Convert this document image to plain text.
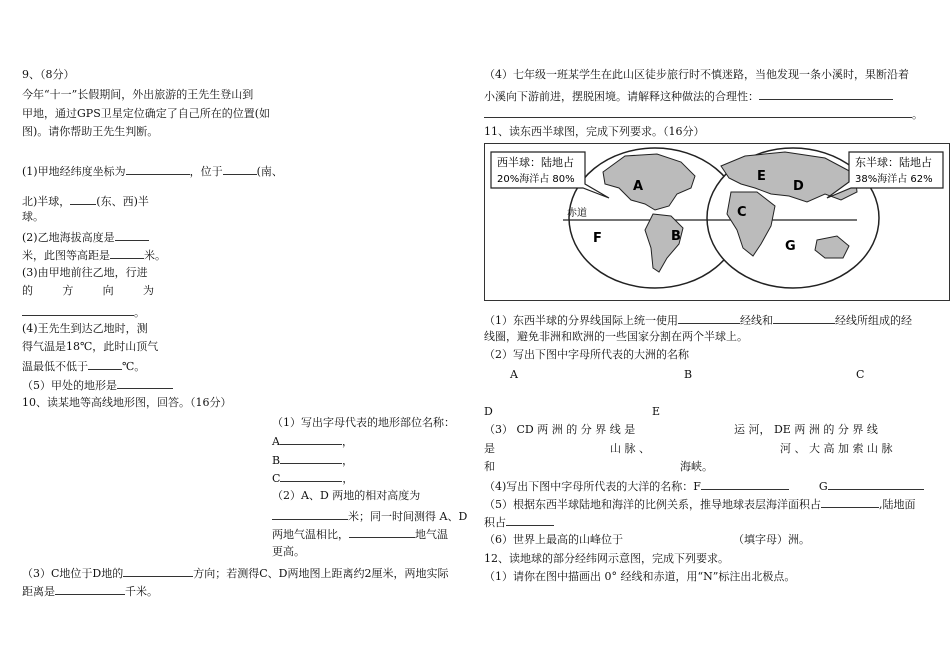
9、（8分）
今年“十一”长假期间，外出旅游的王先生登山到
甲地，通过GPS卫星定位确定了自己所在的位置(如
图)。请你帮助王先生判断。
(1)甲地经纬度坐标为	，位于	(南、
北)半球， (东、西)半
球。
(2)乙地海拔高度是
米，此图等高距是	米。
(3)由甲地前往乙地，行进
的	方	向	为
。
(4)王先生到达乙地时，测
得气温是18℃，此时山顶气
温最低不低于	℃。
（5）甲处的地形是
10、读某地等高线地形图，回答。（16分）
（1）写出字母代表的地形部位名称：
A	，
B	，
C	，
（2）A、D 两地的相对高度为
米；同一时间测得 A、D
两地气温相比，	地气温
更高。
（3）C地位于D地的	方向；若测得C、D两地图上距离约2厘米，两地实际
距离是	千米。
（4）七年级一班某学生在此山区徒步旅行时不慎迷路，当他发现一条小溪时，果断沿着
小溪向下游前进，摆脱困境。请解释这种做法的合理性：
。
11、读东西半球图，完成下列要求。（16分）
西半球：陆地占
20%海洋占 80%
东半球：陆地占
38%海洋占 62%
赤道
A
B
F
E
D
C
G
（1）东西半球的分界线国际上统一使用	经线和	经线所组成的经
线圈，避免非洲和欧洲的一些国家分割在两个半球上。
（2）写出下图中字母所代表的大洲的名称
A	B	C
D	E
（3） CD 两 洲 的 分 界 线 是	运 河， DE 两 洲 的 分 界 线
是	山 脉 、	河 、 大 高 加 索 山 脉
和	海峡。
（4)写出下图中字母所代表的大洋的名称：F	G
（5）根据东西半球陆地和海洋的比例关系，推导地球表层海洋面积占	,陆地面
积占
（6）世界上最高的山峰位于	（填字母）洲。
12、读地球的部分经纬网示意图，完成下列要求。
（1）请你在图中描画出 0° 经线和赤道，用“N”标注出北极点。
